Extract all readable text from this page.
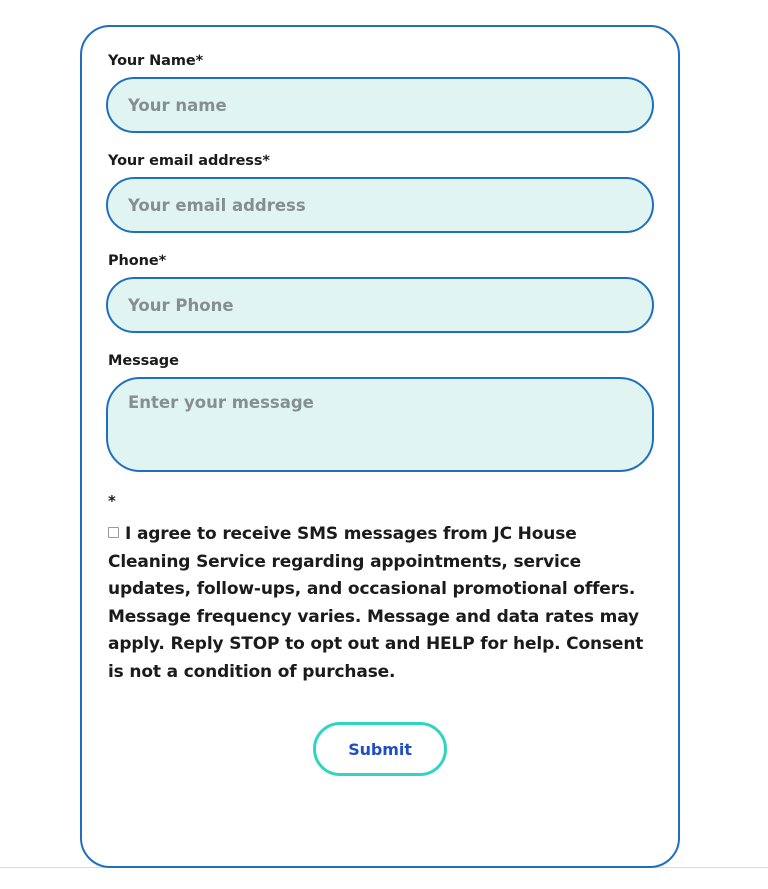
Your Name*
Your name
Your email address*
Your email address
Phone*
Your Phone
Message
Enter your message
*

I agree to receive SMS messages from JC House Cleaning Service regarding appointments, service updates, follow-ups, and occasional promotional offers. Message frequency varies. Message and data rates may apply. Reply STOP to opt out and HELP for help. Consent is not a condition of purchase.

Submit
